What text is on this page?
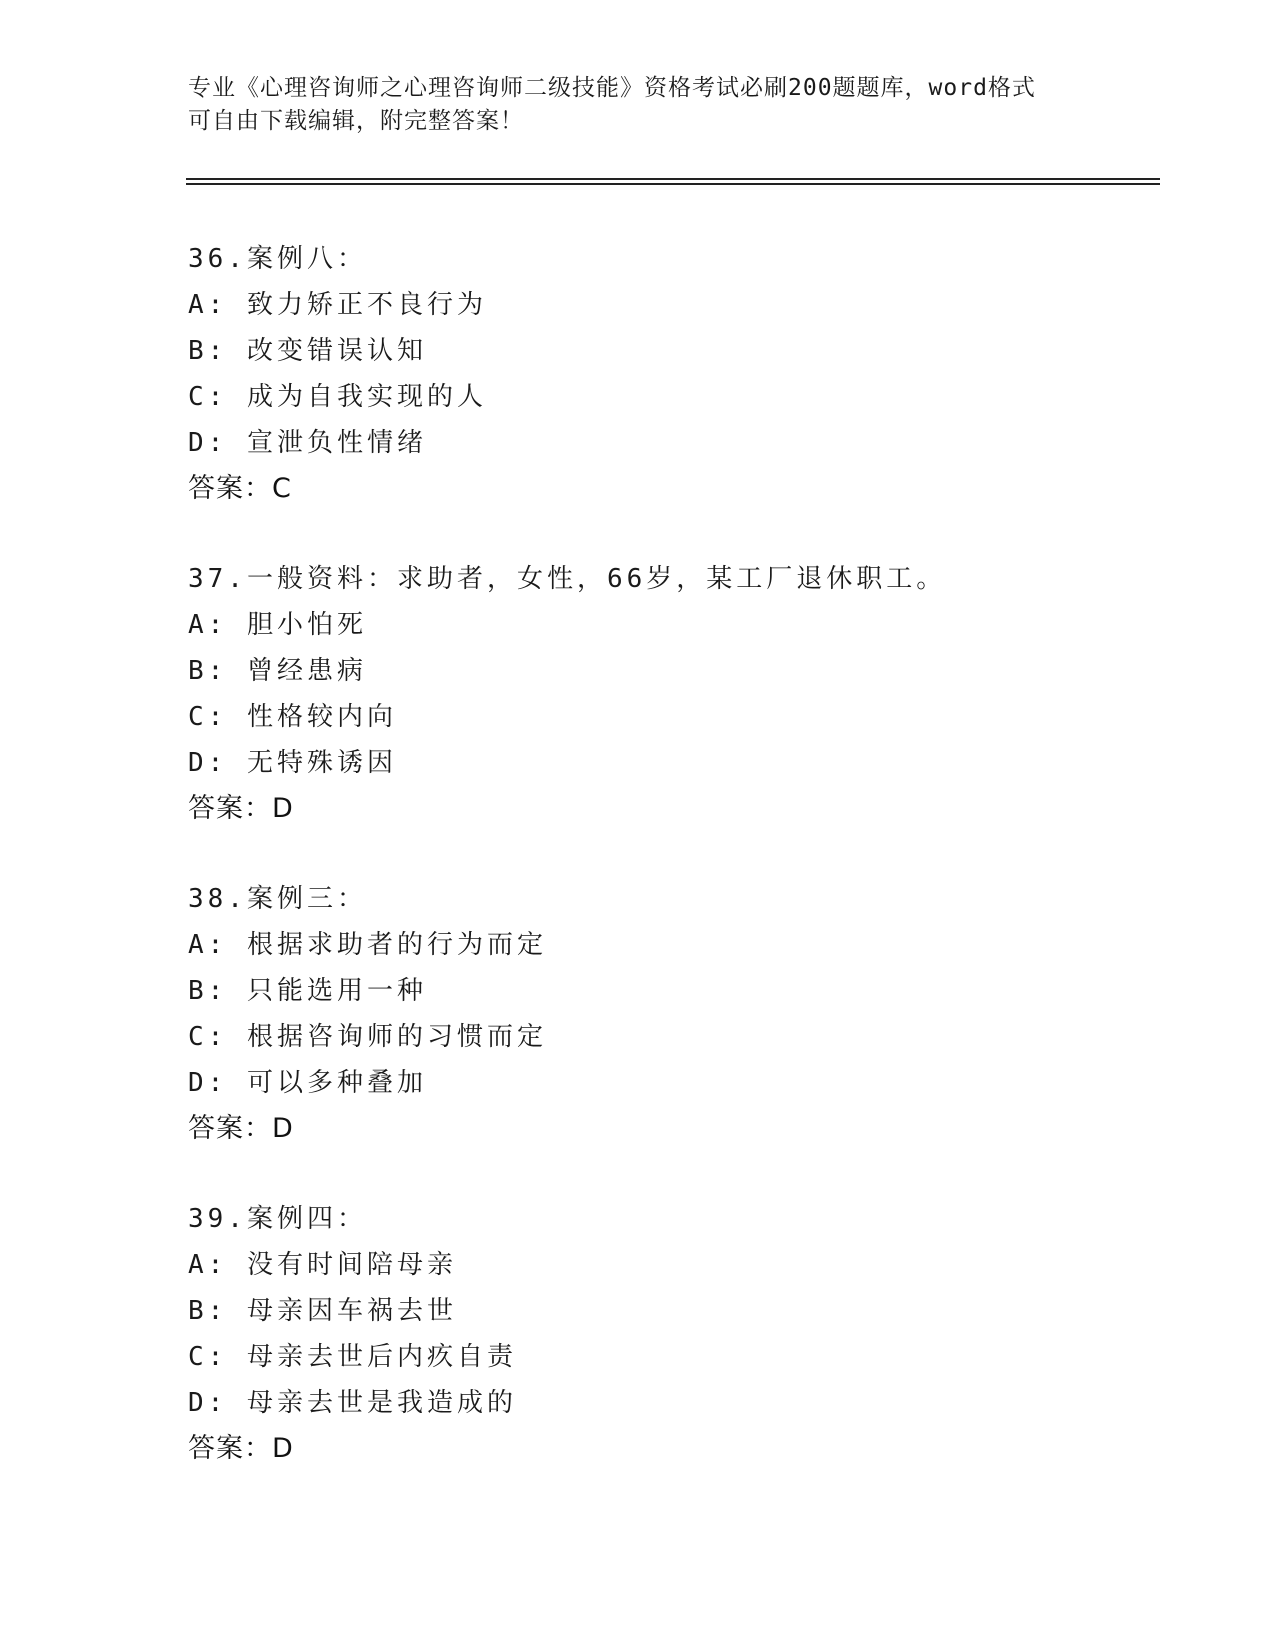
专业《心理咨询师之心理咨询师二级技能》资格考试必刷200题题库，word格式
可自由下载编辑，附完整答案！
36.案例八：
A: 致力矫正不良行为
B: 改变错误认知
C: 成为自我实现的人
D: 宣泄负性情绪
答案：C
37.一般资料：求助者，女性，66岁，某工厂退休职工。
A: 胆小怕死
B: 曾经患病
C: 性格较内向
D: 无特殊诱因
答案：D
38.案例三：
A: 根据求助者的行为而定
B: 只能选用一种
C: 根据咨询师的习惯而定
D: 可以多种叠加
答案：D
39.案例四：
A: 没有时间陪母亲
B: 母亲因车祸去世
C: 母亲去世后内疚自责
D: 母亲去世是我造成的
答案：D
